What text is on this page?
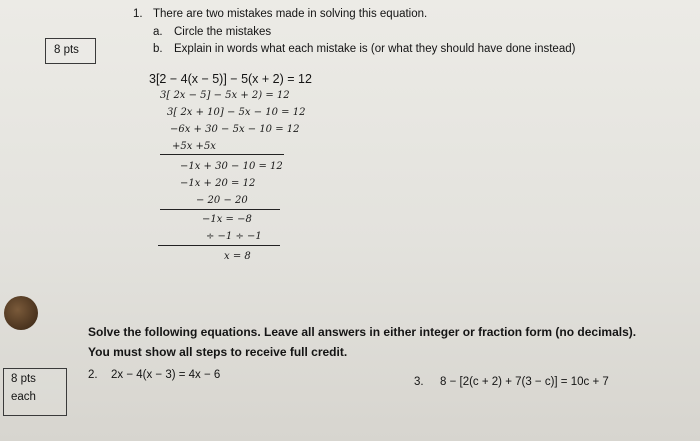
1. There are two mistakes made in solving this equation.
a. Circle the mistakes
b. Explain in words what each mistake is (or what they should have done instead)
8 pts
3[2 − 4(x − 5)] − 5(x + 2) = 12
3[ 2x − 5] − 5x + 2) = 12
3[ 2x + 10] − 5x − 10 = 12
−6x + 30 − 5x − 10 = 12
+5x +5x
−1x + 30 − 10 = 12
−1x + 20 = 12
− 20 − 20
−1x = −8
÷ −1 ÷ −1
x = 8
Solve the following equations. Leave all answers in either integer or fraction form (no decimals). You must show all steps to receive full credit.
8 pts
each
2. 2x − 4(x − 3) = 4x − 6
3. 8 − [2(c + 2) + 7(3 − c)] = 10c + 7
